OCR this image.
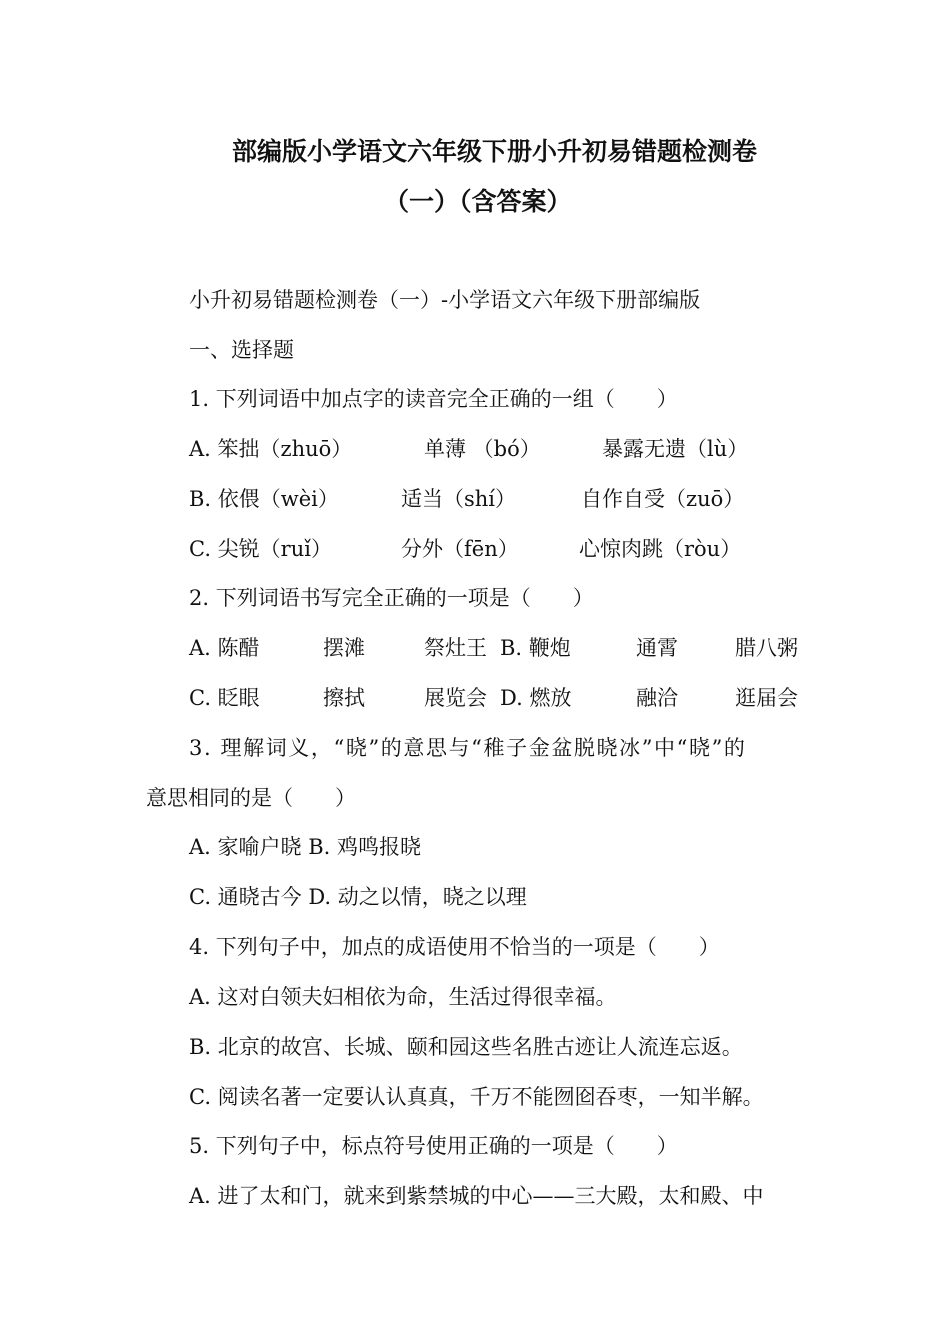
部编版小学语文六年级下册小升初易错题检测卷
（一）（含答案）
小升初易错题检测卷（一）-小学语文六年级下册部编版
一、选择题
1. 下列词语中加点字的读音完全正确的一组（　　）
A. 笨拙（zhuō）	单薄 （bó）	暴露无遗（lù）
B. 依偎（wèi）	适当（shí）	自作自受（zuō）
C. 尖锐（ruǐ）	分外（fēn）	心惊肉跳（ròu）
2. 下列词语书写完全正确的一项是（　　）
A. 陈醋	摆滩	祭灶王 B. 鞭炮	通霄	腊八粥
C. 眨眼	擦拭	展览会 D. 燃放	融洽	逛届会
3. 理解词义，“晓”的意思与“稚子金盆脱晓冰”中“晓”的
意思相同的是（　　）
A. 家喻户晓 B. 鸡鸣报晓
C. 通晓古今 D. 动之以情，晓之以理
4. 下列句子中，加点的成语使用不恰当的一项是（　　）
A. 这对白领夫妇相依为命，生活过得很幸福。
B. 北京的故宫、长城、颐和园这些名胜古迹让人流连忘返。
C. 阅读名著一定要认认真真，千万不能囫囵吞枣，一知半解。
5. 下列句子中，标点符号使用正确的一项是（　　）
A. 进了太和门，就来到紫禁城的中心——三大殿，太和殿、中
